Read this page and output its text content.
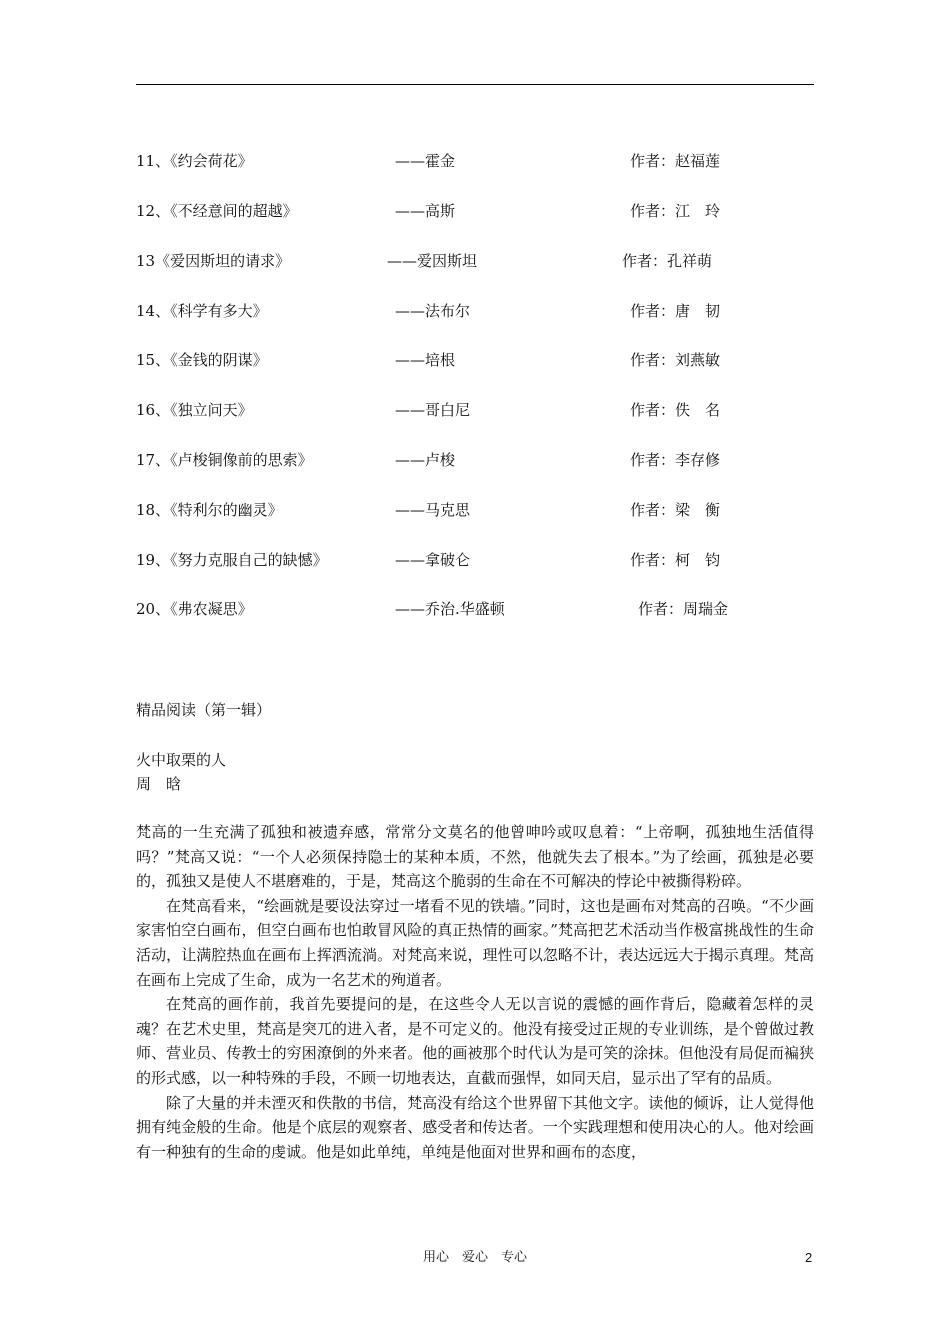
11、《约会荷花》	——霍金	作者：赵福莲
12、《不经意间的超越》	——高斯	作者：江　玲
13《爱因斯坦的请求》	——爱因斯坦	作者：孔祥萌
14、《科学有多大》	——法布尔	作者：唐　韧
15、《金钱的阴谋》	——培根	作者：刘燕敏
16、《独立问天》	——哥白尼	作者：佚　名
17、《卢梭铜像前的思索》	——卢梭	作者：李存修
18、《特利尔的幽灵》	——马克思	作者：梁　衡
19、《努力克服自己的缺憾》	——拿破仑	作者：柯　钧
20、《弗农凝思》	——乔治.华盛顿	作者：周瑞金
精品阅读（第一辑）
火中取栗的人
周　晗

梵高的一生充满了孤独和被遗弃感，常常分文莫名的他曾呻吟或叹息着：“上帝啊，孤独地生活值得吗？”梵高又说：“一个人必须保持隐士的某种本质，不然，他就失去了根本。”为了绘画，孤独是必要的，孤独又是使人不堪磨难的，于是，梵高这个脆弱的生命在不可解决的悖论中被撕得粉碎。

在梵高看来，“绘画就是要设法穿过一堵看不见的铁墙。”同时，这也是画布对梵高的召唤。“不少画家害怕空白画布，但空白画布也怕敢冒风险的真正热情的画家。”梵高把艺术活动当作极富挑战性的生命活动，让满腔热血在画布上挥洒流淌。对梵高来说，理性可以忽略不计，表达远远大于揭示真理。梵高在画布上完成了生命，成为一名艺术的殉道者。

在梵高的画作前，我首先要提问的是，在这些令人无以言说的震憾的画作背后，隐藏着怎样的灵魂？在艺术史里，梵高是突兀的进入者，是不可定义的。他没有接受过正规的专业训练，是个曾做过教师、营业员、传教士的穷困潦倒的外来者。他的画被那个时代认为是可笑的涂抹。但他没有局促而褊狭的形式感，以一种特殊的手段，不顾一切地表达，直截而强悍，如同天启，显示出了罕有的品质。

除了大量的并未湮灭和佚散的书信，梵高没有给这个世界留下其他文字。读他的倾诉，让人觉得他拥有纯金般的生命。他是个底层的观察者、感受者和传达者。一个实践理想和使用决心的人。他对绘画有一种独有的生命的虔诚。他是如此单纯，单纯是他面对世界和画布的态度，

用心　爱心　专心	2
